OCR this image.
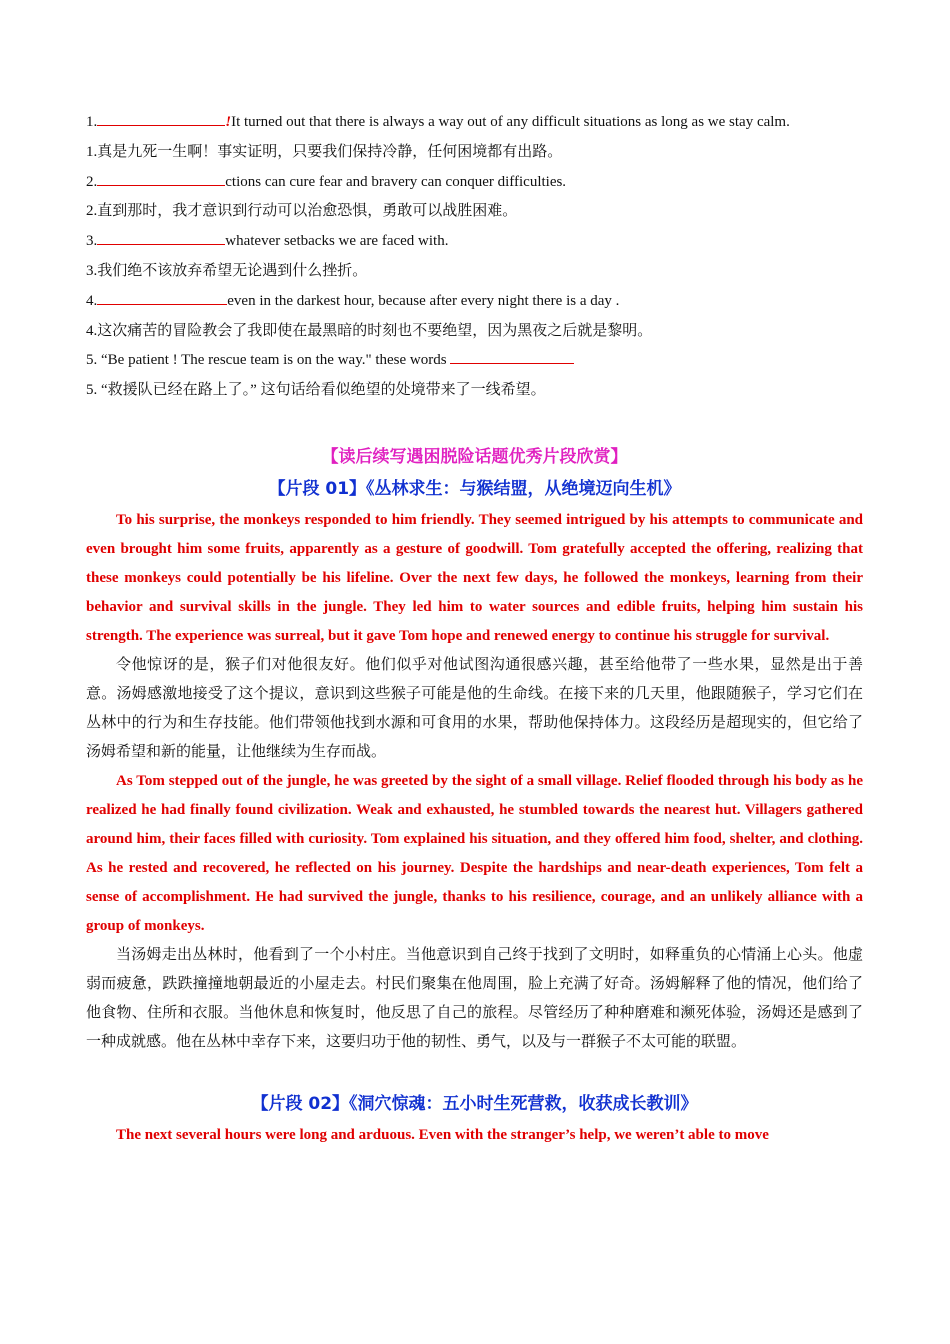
1.	!It turned out that there is always a way out of any difficult situations as long as we stay calm.
1.真是九死一生啊！事实证明，只要我们保持冷静，任何困境都有出路。
2.	ctions can cure fear and bravery can conquer difficulties.
2.直到那时，我才意识到行动可以治愈恐惧，勇敢可以战胜困难。
3.	whatever setbacks we are faced with.
3.我们绝不该放弃希望无论遇到什么挫折。
4.	even in the darkest hour, because after every night there is a day .
4.这次痛苦的冒险教会了我即使在最黑暗的时刻也不要绝望，因为黑夜之后就是黎明。
5. “Be patient ! The rescue team is on the way." these words
5. “救援队已经在路上了。” 这句话给看似绝望的处境带来了一线希望。
【读后续写遇困脱险话题优秀片段欣赏】
【片段 01】《丛林求生：与猴结盟，从绝境迈向生机》

To his surprise, the monkeys responded to him friendly. They seemed intrigued by his attempts to communicate and even brought him some fruits, apparently as a gesture of goodwill. Tom gratefully accepted the offering, realizing that these monkeys could potentially be his lifeline. Over the next few days, he followed the monkeys, learning from their behavior and survival skills in the jungle. They led him to water sources and edible fruits, helping him sustain his strength. The experience was surreal, but it gave Tom hope and renewed energy to continue his struggle for survival.

令他惊讶的是，猴子们对他很友好。他们似乎对他试图沟通很感兴趣，甚至给他带了一些水果，显然是出于善意。汤姆感激地接受了这个提议，意识到这些猴子可能是他的生命线。在接下来的几天里，他跟随猴子，学习它们在丛林中的行为和生存技能。他们带领他找到水源和可食用的水果，帮助他保持体力。这段经历是超现实的，但它给了汤姆希望和新的能量，让他继续为生存而战。

As Tom stepped out of the jungle, he was greeted by the sight of a small village. Relief flooded through his body as he realized he had finally found civilization. Weak and exhausted, he stumbled towards the nearest hut. Villagers gathered around him, their faces filled with curiosity. Tom explained his situation, and they offered him food, shelter, and clothing. As he rested and recovered, he reflected on his journey. Despite the hardships and near-death experiences, Tom felt a sense of accomplishment. He had survived the jungle, thanks to his resilience, courage, and an unlikely alliance with a group of monkeys.

当汤姆走出丛林时，他看到了一个小村庄。当他意识到自己终于找到了文明时，如释重负的心情涌上心头。他虚弱而疲惫，跌跌撞撞地朝最近的小屋走去。村民们聚集在他周围，脸上充满了好奇。汤姆解释了他的情况，他们给了他食物、住所和衣服。当他休息和恢复时，他反思了自己的旅程。尽管经历了种种磨难和濒死体验，汤姆还是感到了一种成就感。他在丛林中幸存下来，这要归功于他的韧性、勇气，以及与一群猴子不太可能的联盟。

【片段 02】《洞穴惊魂：五小时生死营救，收获成长教训》

The next several hours were long and arduous. Even with the stranger’s help, we weren’t able to move
